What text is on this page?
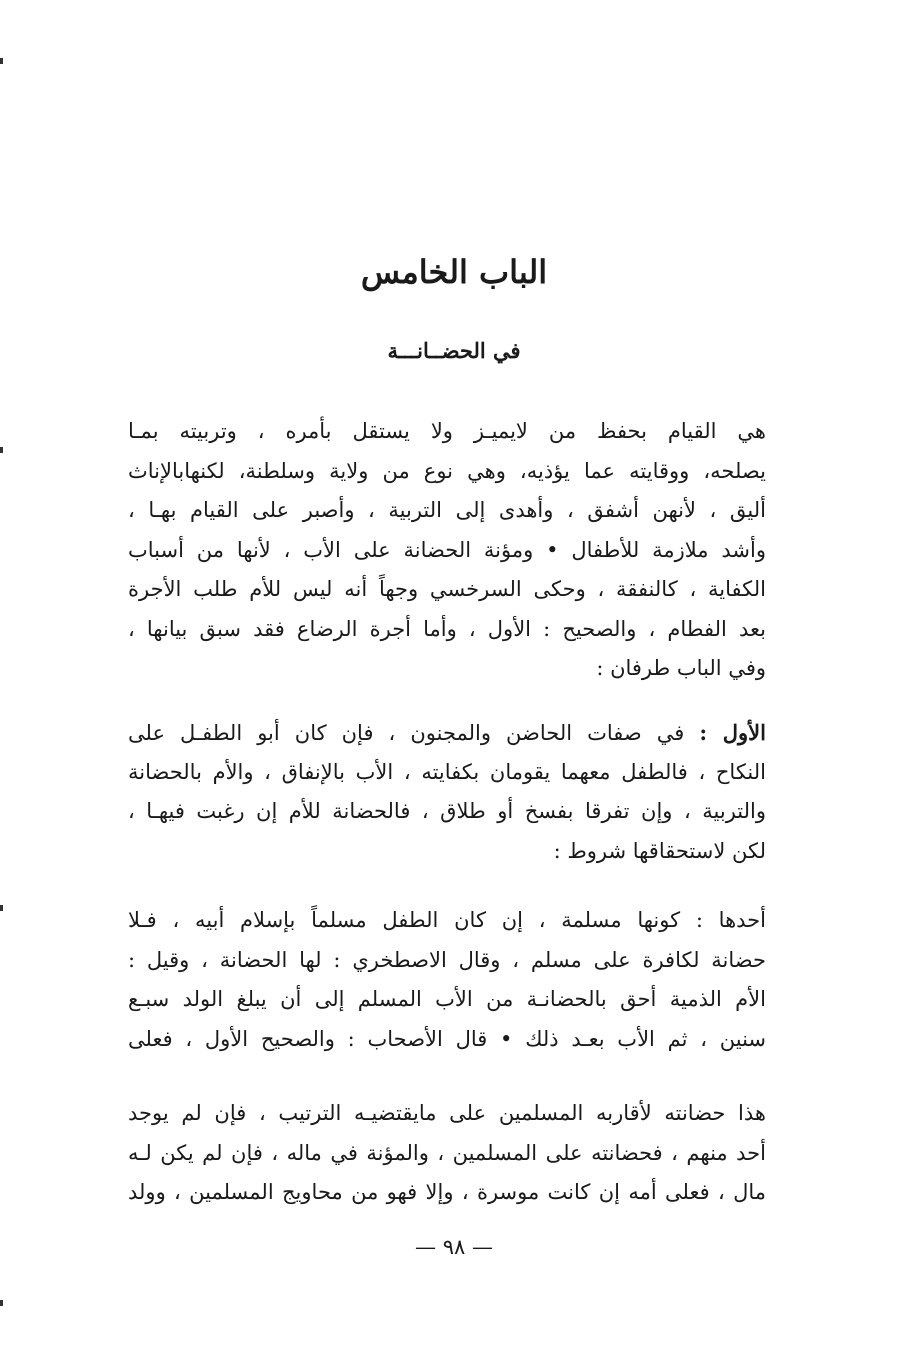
الباب الخامس
في الحضــانـــة
هي القيام بحفظ من لايميـز ولا يستقل بأمره ، وتربيته بمـا
يصلحه، ووقايته عما يؤذيه، وهي نوع من ولاية وسلطنة، لكنهابالإناث
أليق ، لأنهن أشفق ، وأهدى إلى التربية ، وأصبر على القيام بهـا ،
وأشد ملازمة للأطفال • ومؤنة الحضانة على الأب ، لأنها من أسباب
الكفاية ، كالنفقة ، وحكى السرخسي وجهاً أنه ليس للأم طلب الأجرة
بعد الفطام ، والصحيح : الأول ، وأما أجرة الرضاع فقد سبق بيانها ،
وفي الباب طرفان :
الأول : في صفات الحاضن والمجنون ، فإن كان أبو الطفـل على
النكاح ، فالطفل معهما يقومان بكفايته ، الأب بالإنفاق ، والأم بالحضانة
والتربية ، وإن تفرقا بفسخ أو طلاق ، فالحضانة للأم إن رغبت فيهـا ،
لكن لاستحقاقها شروط :
أحدها : كونها مسلمة ، إن كان الطفل مسلماً بإسلام أبيه ، فـلا
حضانة لكافرة على مسلم ، وقال الاصطخري : لها الحضانة ، وقيل :
الأم الذمية أحق بالحضانـة من الأب المسلم إلى أن يبلغ الولد سبـع
سنين ، ثم الأب بعـد ذلك • قال الأصحاب : والصحيح الأول ، فعلى
هذا حضانته لأقاربه المسلمين على مايقتضيـه الترتيب ، فإن لم يوجد
أحد منهم ، فحضانته على المسلمين ، والمؤنة في ماله ، فإن لم يكن لـه
مال ، فعلى أمه إن كانت موسرة ، وإلا فهو من محاويج المسلمين ، وولد
— ٩٨ —
